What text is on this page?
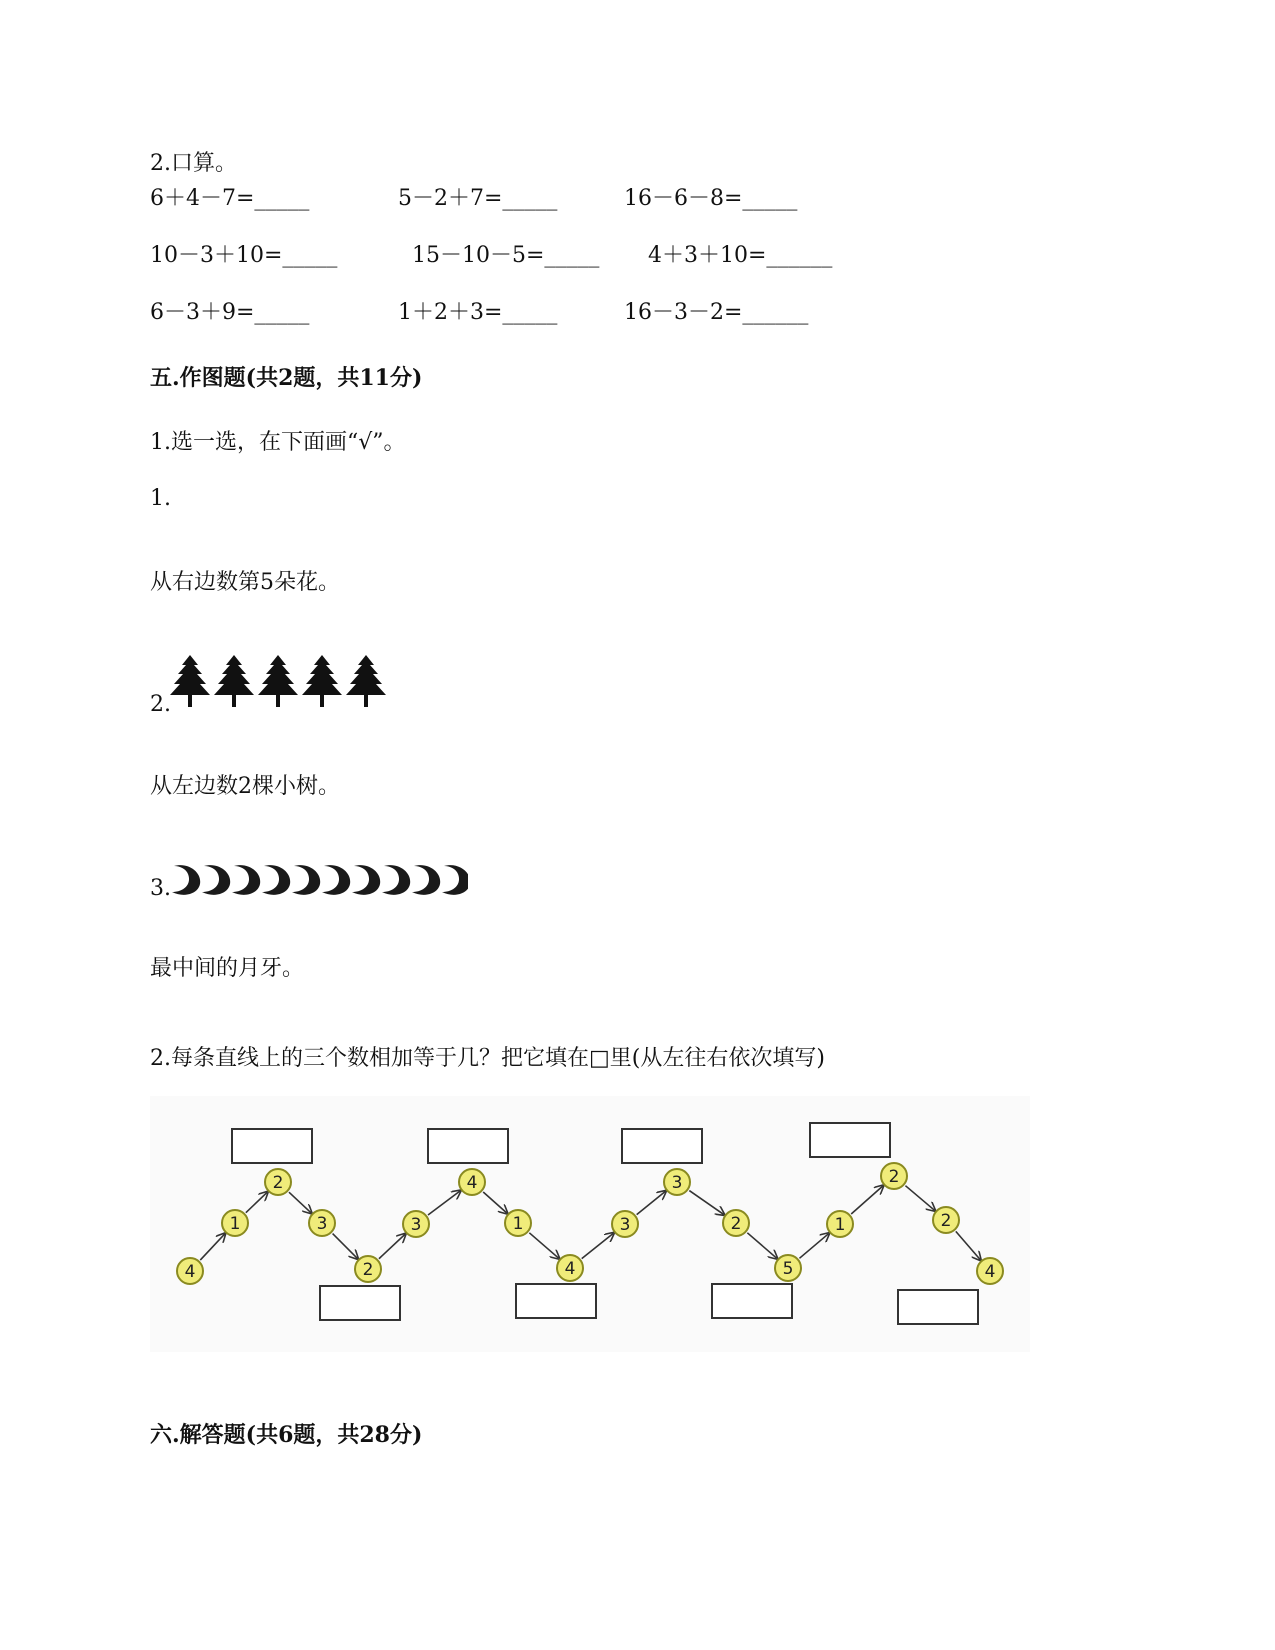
2.口算。
6＋4－7=_____	5－2＋7=_____	16－6－8=_____
10－3＋10=_____	15－10－5=_____ 4＋3＋10=______
6－3＋9=_____	1＋2＋3=_____	16－3－2=______
五.作图题(共2题，共11分)
1.选一选，在下面画“√”。
1.
从右边数第5朵花。
2.
从左边数2棵小树。
3.
最中间的月牙。
2.每条直线上的三个数相加等于几？把它填在□里(从左往右依次填写)
4
1
2
3
2
3
4
1
4
3
3
2
5
1
2
2
4
六.解答题(共6题，共28分)
